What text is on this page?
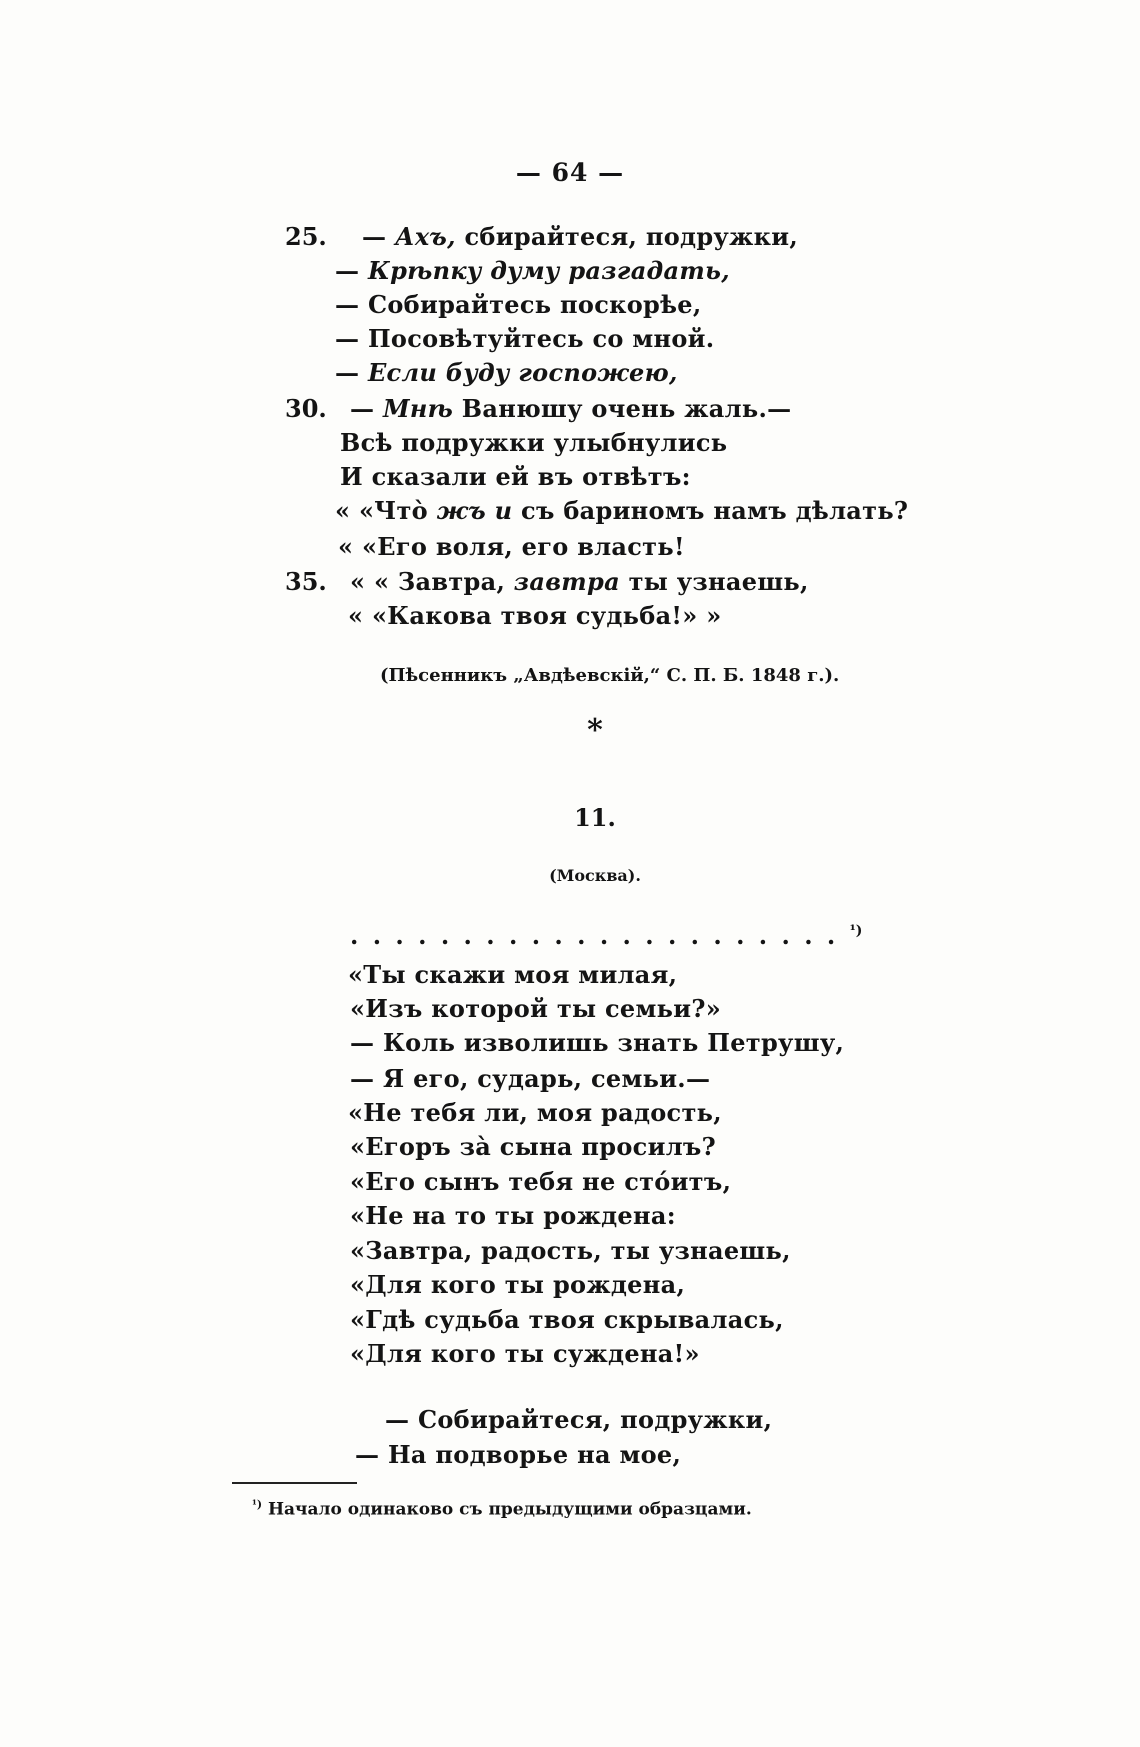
— 64 —
25. — Ахъ, сбирайтеся, подружки,
— Крѣпку думу разгадать,
— Собирайтесь поскорѣе,
— Посовѣтуйтесь со мной.
— Если буду госпожею,
30. — Мнѣ Ванюшу очень жаль.—
Всѣ подружки улыбнулись
И сказали ей въ отвѣтъ:
« «Что̀ жъ и съ бариномъ намъ дѣлать?
« «Его воля, его власть!
35. « « Завтра, завтра ты узнаешь,
« «Какова твоя судьба!» »
(Пѣсенникъ „Авдѣевскій,“ С. П. Б. 1848 г.).
*
11.
(Москва).
. . . . . . . . . . . . . . . . . . . . . . $^{^1)}$
«Ты скажи моя милая,
«Изъ которой ты семьи?»
— Коль изволишь знать Петрушу,
— Я его, сударь, семьи.—
«Не тебя ли, моя радость,
«Егоръ за̀ сына просилъ?
«Его сынъ тебя не сто́итъ,
«Не на то ты рождена:
«Завтра, радость, ты узнаешь,
«Для кого ты рождена,
«Гдѣ судьба твоя скрывалась,
«Для кого ты суждена!»
— Собирайтеся, подружки,
— На подворье на мое,
$^{^1)}$ Начало одинаково съ предыдущими образцами.
